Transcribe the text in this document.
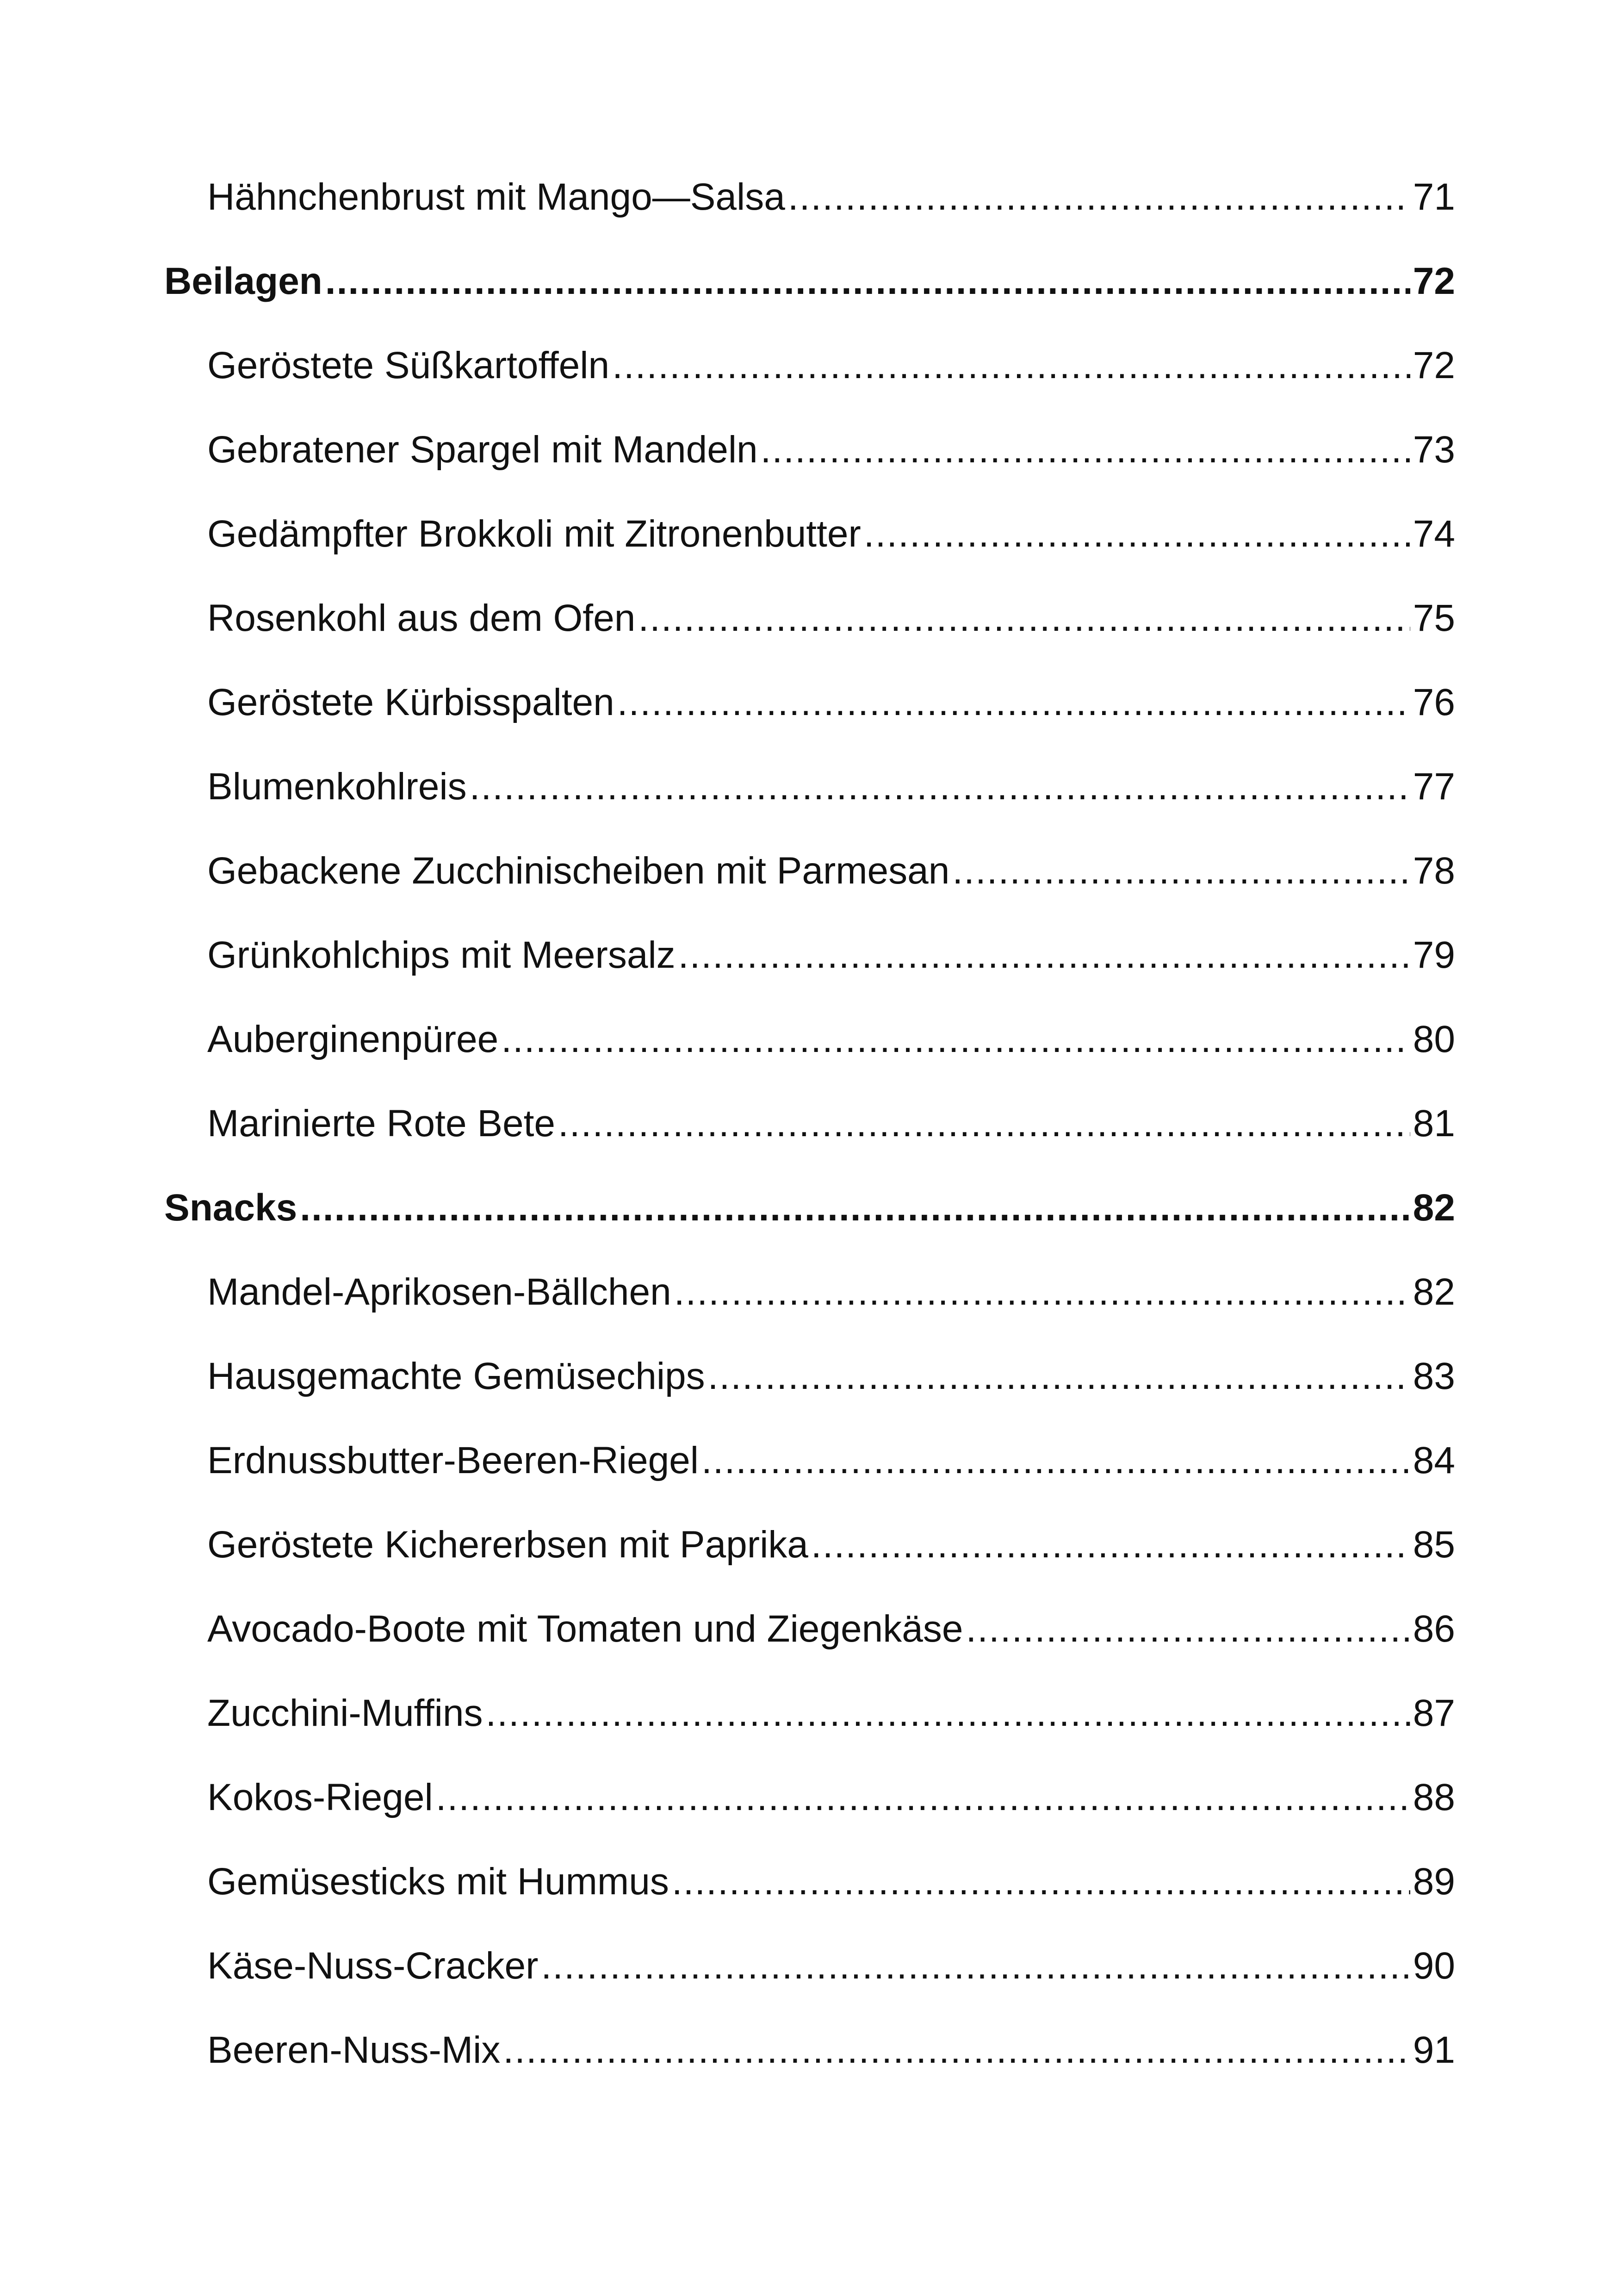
Hähnchenbrust mit Mango—Salsa .....	71
Beilagen .....	72
Geröstete Süßkartoffeln .....	72
Gebratener Spargel mit Mandeln .....	73
Gedämpfter Brokkoli mit Zitronenbutter .....	74
Rosenkohl aus dem Ofen .....	75
Geröstete Kürbisspalten .....	76
Blumenkohlreis .....	77
Gebackene Zucchinischeiben mit Parmesan .....	78
Grünkohlchips mit Meersalz .....	79
Auberginenpüree .....	80
Marinierte Rote Bete .....	81
Snacks .....	82
Mandel-Aprikosen-Bällchen .....	82
Hausgemachte Gemüsechips .....	83
Erdnussbutter-Beeren-Riegel .....	84
Geröstete Kichererbsen mit Paprika .....	85
Avocado-Boote mit Tomaten und Ziegenkäse .....	86
Zucchini-Muffins .....	87
Kokos-Riegel .....	88
Gemüsesticks mit Hummus .....	89
Käse-Nuss-Cracker .....	90
Beeren-Nuss-Mix .....	91
